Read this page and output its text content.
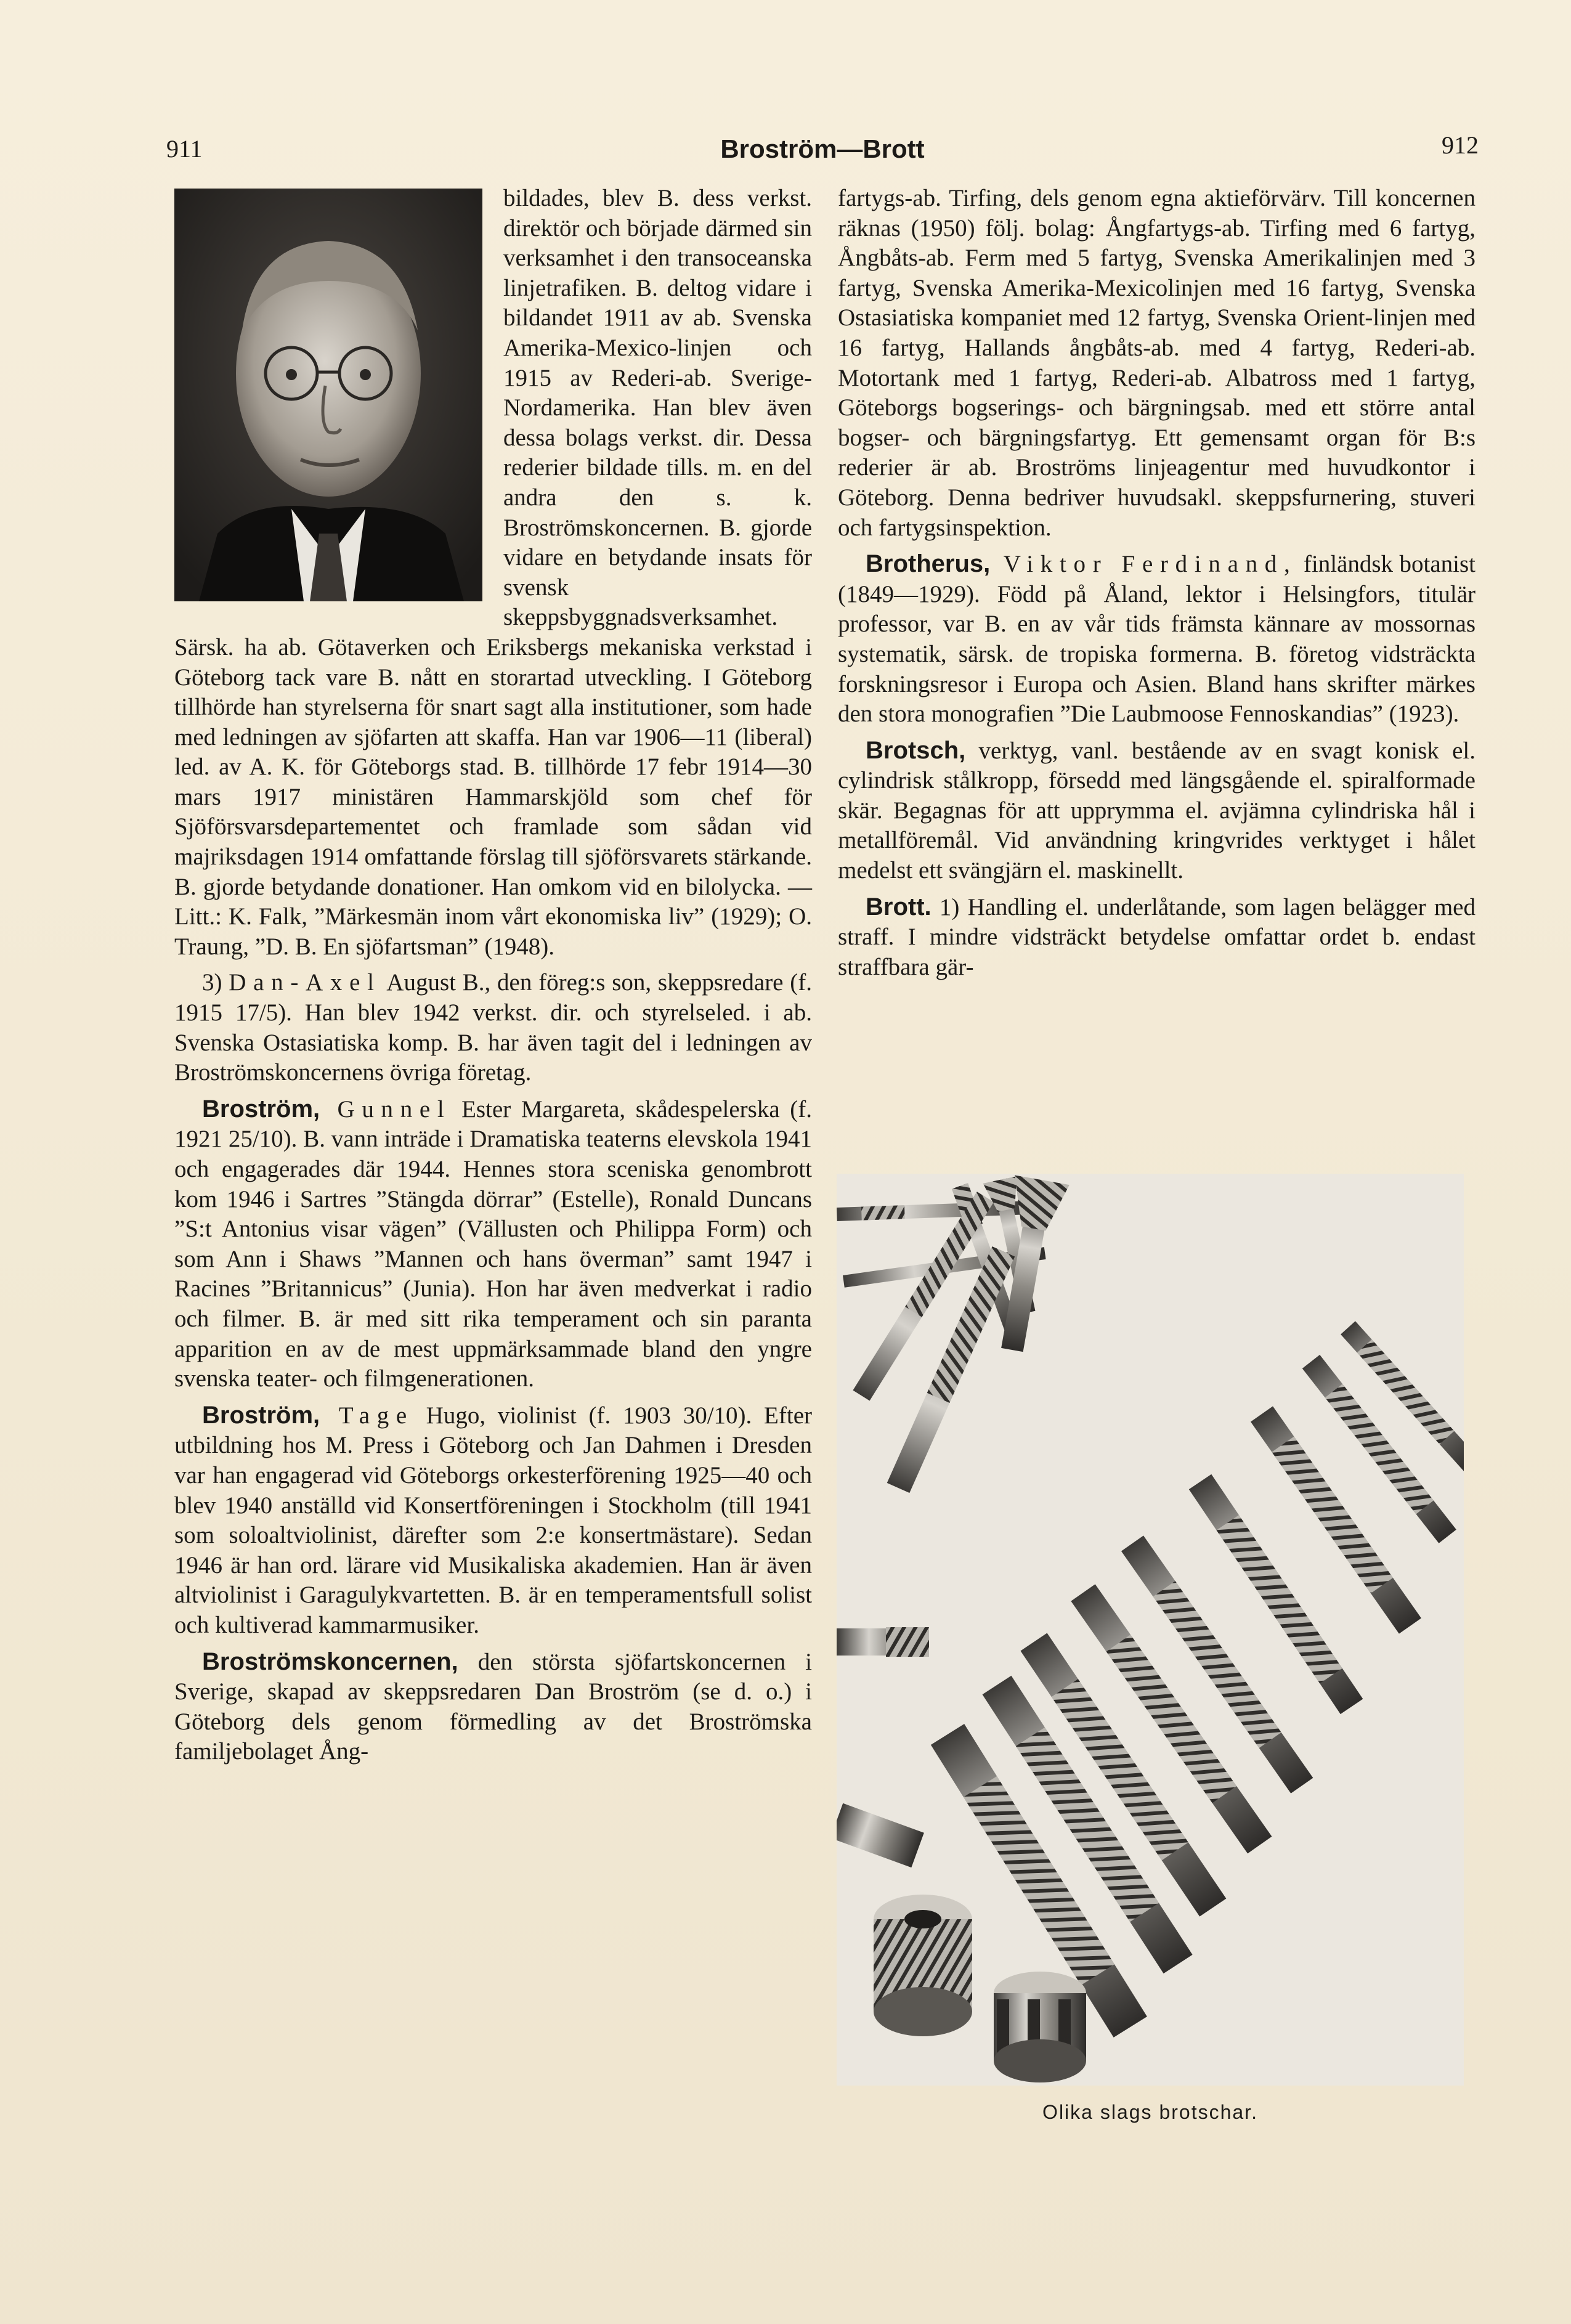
911	Broström—Brott	912

bildades, blev B. dess verkst. direktör och började därmed sin verksamhet i den transoceanska linjetrafiken. B. deltog vidare i bildandet 1911 av ab. Svenska Amerika-Mexico-linjen och 1915 av Rederi-ab. Sverige-Nordamerika. Han blev även dessa bolags verkst. dir. Dessa rederier bildade tills. m. en del andra den s. k. Broströmskoncernen. B. gjorde vidare en betydande insats för svensk skeppsbyggnadsverksamhet. Särsk. ha ab. Götaverken och Eriksbergs mekaniska verkstad i Göteborg tack vare B. nått en storartad utveckling. I Göteborg tillhörde han styrelserna för snart sagt alla institutioner, som hade med ledningen av sjöfarten att skaffa. Han var 1906—11 (liberal) led. av A. K. för Göteborgs stad. B. tillhörde 17 febr 1914—30 mars 1917 ministären Hammarskjöld som chef för Sjöförsvarsdepartementet och framlade som sådan vid majriksdagen 1914 omfattande förslag till sjöförsvarets stärkande. B. gjorde betydande donationer. Han omkom vid en bilolycka. — Litt.: K. Falk, ”Märkesmän inom vårt ekonomiska liv” (1929); O. Traung, ”D. B. En sjöfartsman” (1948).

3) Dan-Axel August B., den föreg:s son, skeppsredare (f. 1915 17/5). Han blev 1942 verkst. dir. och styrelseled. i ab. Svenska Ostasiatiska komp. B. har även tagit del i ledningen av Broströmskoncernens övriga företag.

Broström, Gunnel Ester Margareta, skådespelerska (f. 1921 25/10). B. vann inträde i Dramatiska teaterns elevskola 1941 och engagerades där 1944. Hennes stora sceniska genombrott kom 1946 i Sartres ”Stängda dörrar” (Estelle), Ronald Duncans ”S:t Antonius visar vägen” (Vällusten och Philippa Form) och som Ann i Shaws ”Mannen och hans överman” samt 1947 i Racines ”Britannicus” (Junia). Hon har även medverkat i radio och filmer. B. är med sitt rika temperament och sin paranta apparition en av de mest uppmärksammade bland den yngre svenska teater- och filmgenerationen.

Broström, Tage Hugo, violinist (f. 1903 30/10). Efter utbildning hos M. Press i Göteborg och Jan Dahmen i Dresden var han engagerad vid Göteborgs orkesterförening 1925—40 och blev 1940 anställd vid Konsertföreningen i Stockholm (till 1941 som soloaltviolinist, därefter som 2:e konsertmästare). Sedan 1946 är han ord. lärare vid Musikaliska akademien. Han är även altviolinist i Garagulykvartetten. B. är en temperamentsfull solist och kultiverad kammarmusiker.

Broströmskoncernen, den största sjöfartskoncernen i Sverige, skapad av skeppsredaren Dan Broström (se d. o.) i Göteborg dels genom förmedling av det Broströmska familjebolaget Ång-

fartygs-ab. Tirfing, dels genom egna aktieförvärv. Till koncernen räknas (1950) följ. bolag: Ångfartygs-ab. Tirfing med 6 fartyg, Ångbåts-ab. Ferm med 5 fartyg, Svenska Amerikalinjen med 3 fartyg, Svenska Amerika-Mexicolinjen med 16 fartyg, Svenska Ostasiatiska kompaniet med 12 fartyg, Svenska Orient-linjen med 16 fartyg, Hallands ångbåts-ab. med 4 fartyg, Rederi-ab. Motortank med 1 fartyg, Rederi-ab. Albatross med 1 fartyg, Göteborgs bogserings- och bärgningsab. med ett större antal bogser- och bärgningsfartyg. Ett gemensamt organ för B:s rederier är ab. Broströms linjeagentur med huvudkontor i Göteborg. Denna bedriver huvudsakl. skeppsfurnering, stuveri och fartygsinspektion.

Brotherus, Viktor Ferdinand, finländsk botanist (1849—1929). Född på Åland, lektor i Helsingfors, titulär professor, var B. en av vår tids främsta kännare av mossornas systematik, särsk. de tropiska formerna. B. företog vidsträckta forskningsresor i Europa och Asien. Bland hans skrifter märkes den stora monografien ”Die Laubmoose Fennoskandias” (1923).

Brotsch, verktyg, vanl. bestående av en svagt konisk el. cylindrisk stålkropp, försedd med längsgående el. spiralformade skär. Begagnas för att upprymma el. avjämna cylindriska hål i metallföremål. Vid användning kringvrides verktyget i hålet medelst ett svängjärn el. maskinellt.

Brott. 1) Handling el. underlåtande, som lagen belägger med straff. I mindre vidsträckt betydelse omfattar ordet b. endast straffbara gär-

Olika slags brotschar.
